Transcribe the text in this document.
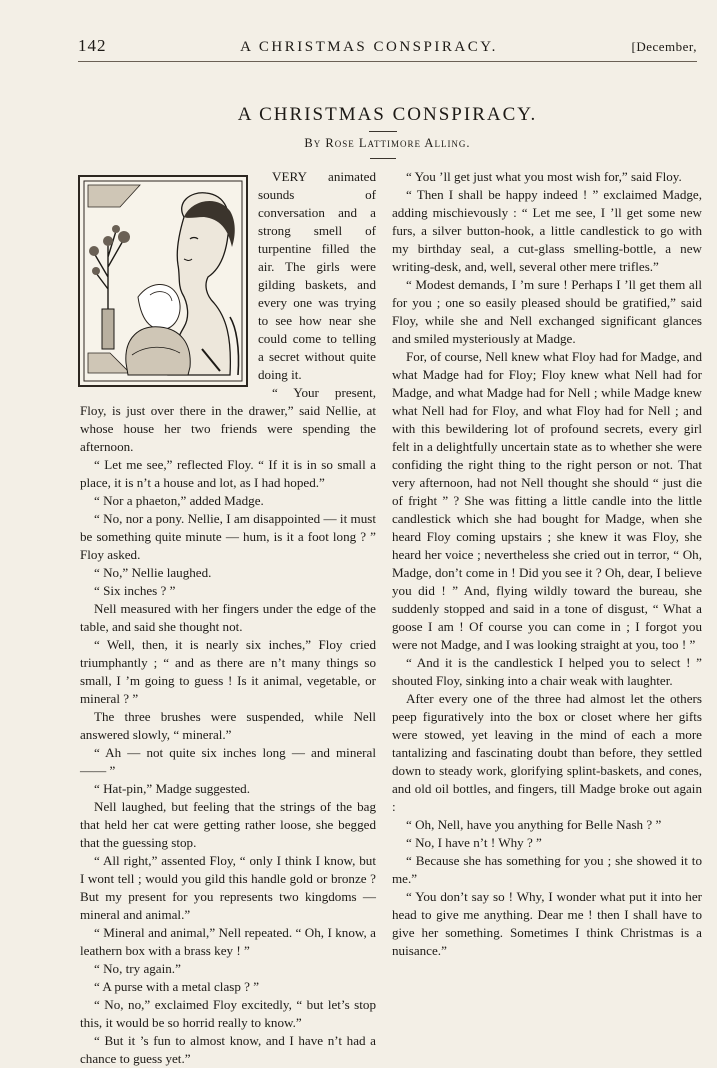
142	A CHRISTMAS CONSPIRACY.	[December,
A CHRISTMAS CONSPIRACY.
By Rose Lattimore Alling.

VERY animated sounds of conversation and a strong smell of turpentine filled the air. The girls were gilding baskets, and every one was trying to see how near she could come to telling a secret without quite doing it.

“ Your present, Floy, is just over there in the drawer,” said Nellie, at whose house her two friends were spending the afternoon.

“ Let me see,” reflected Floy. “ If it is in so small a place, it is n’t a house and lot, as I had hoped.”

“ Nor a phaeton,” added Madge.

“ No, nor a pony. Nellie, I am disappointed — it must be something quite minute — hum, is it a foot long ? ” Floy asked.

“ No,” Nellie laughed.

“ Six inches ? ”

Nell measured with her fingers under the edge of the table, and said she thought not.

“ Well, then, it is nearly six inches,” Floy cried triumphantly ; “ and as there are n’t many things so small, I ’m going to guess ! Is it animal, vegetable, or mineral ? ”

The three brushes were suspended, while Nell answered slowly, “ mineral.”

“ Ah — not quite six inches long — and mineral —— ”

“ Hat-pin,” Madge suggested.

Nell laughed, but feeling that the strings of the bag that held her cat were getting rather loose, she begged that the guessing stop.

“ All right,” assented Floy, “ only I think I know, but I wont tell ; would you gild this handle gold or bronze ? But my present for you represents two kingdoms — mineral and animal.”

“ Mineral and animal,” Nell repeated. “ Oh, I know, a leathern box with a brass key ! ”

“ No, try again.”

“ A purse with a metal clasp ? ”

“ No, no,” exclaimed Floy excitedly, “ but let’s stop this, it would be so horrid really to know.”

“ But it ’s fun to almost know, and I have n’t had a chance to guess yet.”

“ You ’ll get just what you most wish for,” said Floy.

“ Then I shall be happy indeed ! ” exclaimed Madge, adding mischievously : “ Let me see, I ’ll get some new furs, a silver button-hook, a little candlestick to go with my birthday seal, a cut-glass smelling-bottle, a new writing-desk, and, well, several other mere trifles.”

“ Modest demands, I ’m sure ! Perhaps I ’ll get them all for you ; one so easily pleased should be gratified,” said Floy, while she and Nell exchanged significant glances and smiled mysteriously at Madge.

For, of course, Nell knew what Floy had for Madge, and what Madge had for Floy; Floy knew what Nell had for Madge, and what Madge had for Nell ; while Madge knew what Nell had for Floy, and what Floy had for Nell ; and with this bewildering lot of profound secrets, every girl felt in a delightfully uncertain state as to whether she were confiding the right thing to the right person or not. That very afternoon, had not Nell thought she should “ just die of fright ” ? She was fitting a little candle into the little candlestick which she had bought for Madge, when she heard Floy coming upstairs ; she knew it was Floy, she heard her voice ; nevertheless she cried out in terror, “ Oh, Madge, don’t come in ! Did you see it ? Oh, dear, I believe you did ! ” And, flying wildly toward the bureau, she suddenly stopped and said in a tone of disgust, “ What a goose I am ! Of course you can come in ; I forgot you were not Madge, and I was looking straight at you, too ! ”

“ And it is the candlestick I helped you to select ! ” shouted Floy, sinking into a chair weak with laughter.

After every one of the three had almost let the others peep figuratively into the box or closet where her gifts were stowed, yet leaving in the mind of each a more tantalizing and fascinating doubt than before, they settled down to steady work, glorifying splint-baskets, and cones, and old oil bottles, and fingers, till Madge broke out again :

“ Oh, Nell, have you anything for Belle Nash ? ”

“ No, I have n’t ! Why ? ”

“ Because she has something for you ; she showed it to me.”

“ You don’t say so ! Why, I wonder what put it into her head to give me anything. Dear me ! then I shall have to give her something. Sometimes I think Christmas is a nuisance.”
